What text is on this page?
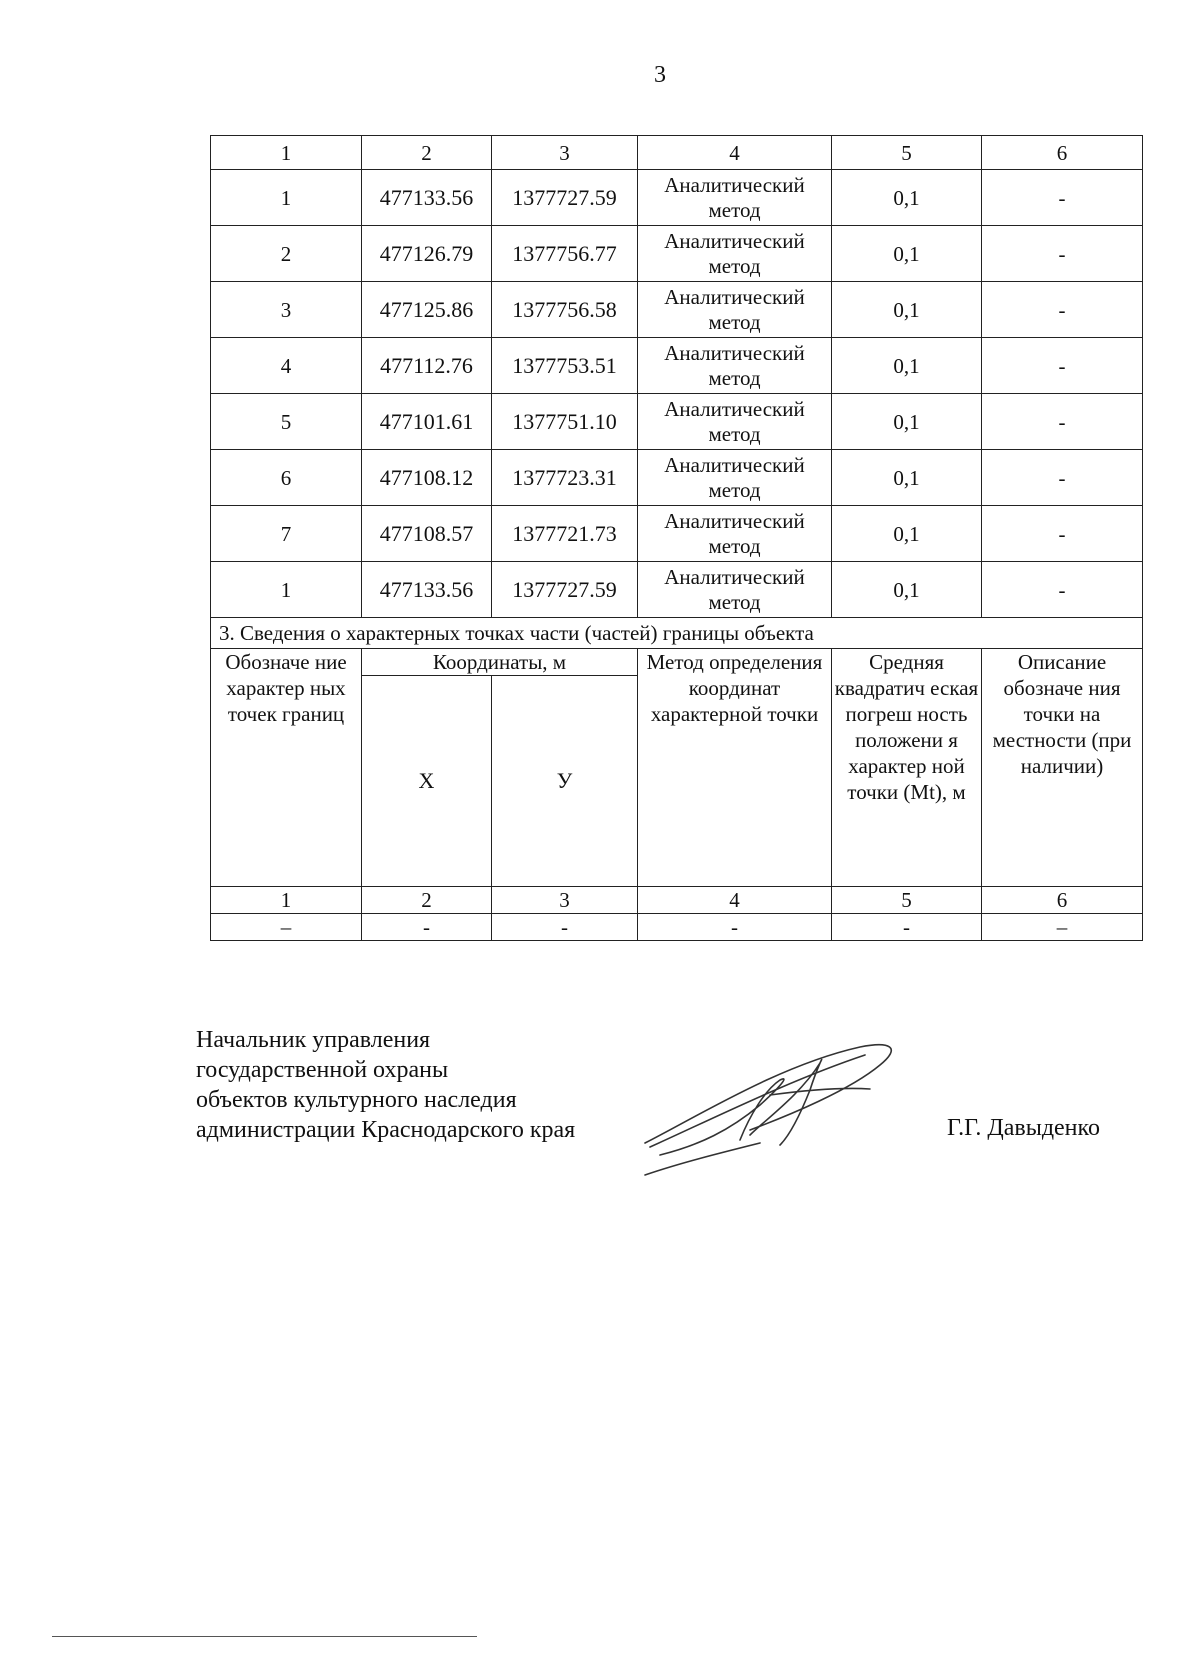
3
1	2	3	4	5	6
1	477133.56	1377727.59	Аналитический метод	0,1	-
2	477126.79	1377756.77	Аналитический метод	0,1	-
3	477125.86	1377756.58	Аналитический метод	0,1	-
4	477112.76	1377753.51	Аналитический метод	0,1	-
5	477101.61	1377751.10	Аналитический метод	0,1	-
6	477108.12	1377723.31	Аналитический метод	0,1	-
7	477108.57	1377721.73	Аналитический метод	0,1	-
1	477133.56	1377727.59	Аналитический метод	0,1	-
3. Сведения о характерных точках части (частей) границы объекта					
Обозначе ние характер ных точек границ	Координаты, м		Метод определения координат характерной точки	Средняя квадратич еская погреш ность положени я характер ной точки (Mt), м	Описание обозначе ния точки на местности (при наличии)
	X	У			
1	2	3	4	5	6
–	-	-	-	-	–
Начальник управления
государственной охраны
объектов культурного наследия
администрации Краснодарского края	Г.Г. Давыденко
